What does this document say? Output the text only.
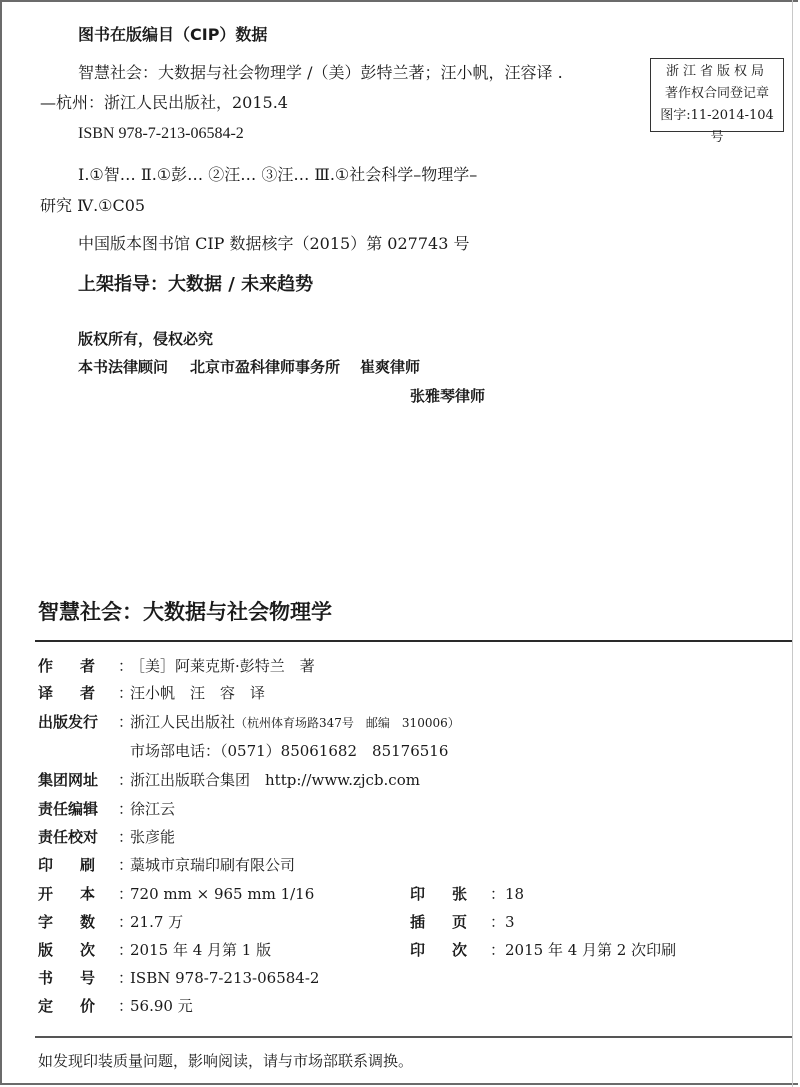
图书在版编目（CIP）数据
智慧社会：大数据与社会物理学 /（美）彭特兰著；汪小帆，汪容译 .
—杭州：浙江人民出版社，2015.4
ISBN 978-7-213-06584-2
Ⅰ.①智… Ⅱ.①彭… ②汪… ③汪… Ⅲ.①社会科学–物理学–
研究 Ⅳ.①C05
中国版本图书馆 CIP 数据核字（2015）第 027743 号
浙江省版权局
著作权合同登记章
图字:11-2014-104号
上架指导：大数据 / 未来趋势
版权所有，侵权必究
本书法律顾问 北京市盈科律师事务所 崔爽律师
张雅琴律师
智慧社会：大数据与社会物理学
作 者 ：［美］阿莱克斯·彭特兰　著
译 者 ：汪小帆　汪　容　译
出版发行 ：浙江人民出版社（杭州体育场路347号　邮编　310006）
市场部电话：（0571）85061682　85176516
集团网址 ：浙江出版联合集团　http://www.zjcb.com
责任编辑 ：徐江云
责任校对 ：张彦能
印 刷 ：藁城市京瑞印刷有限公司
开 本 ：720 mm × 965 mm 1/16
字 数 ：21.7 万
版 次 ：2015 年 4 月第 1 版
书 号 ：ISBN 978-7-213-06584-2
定 价 ：56.90 元
印 张 ：18
插 页 ：3
印 次 ：2015 年 4 月第 2 次印刷
如发现印装质量问题，影响阅读，请与市场部联系调换。
